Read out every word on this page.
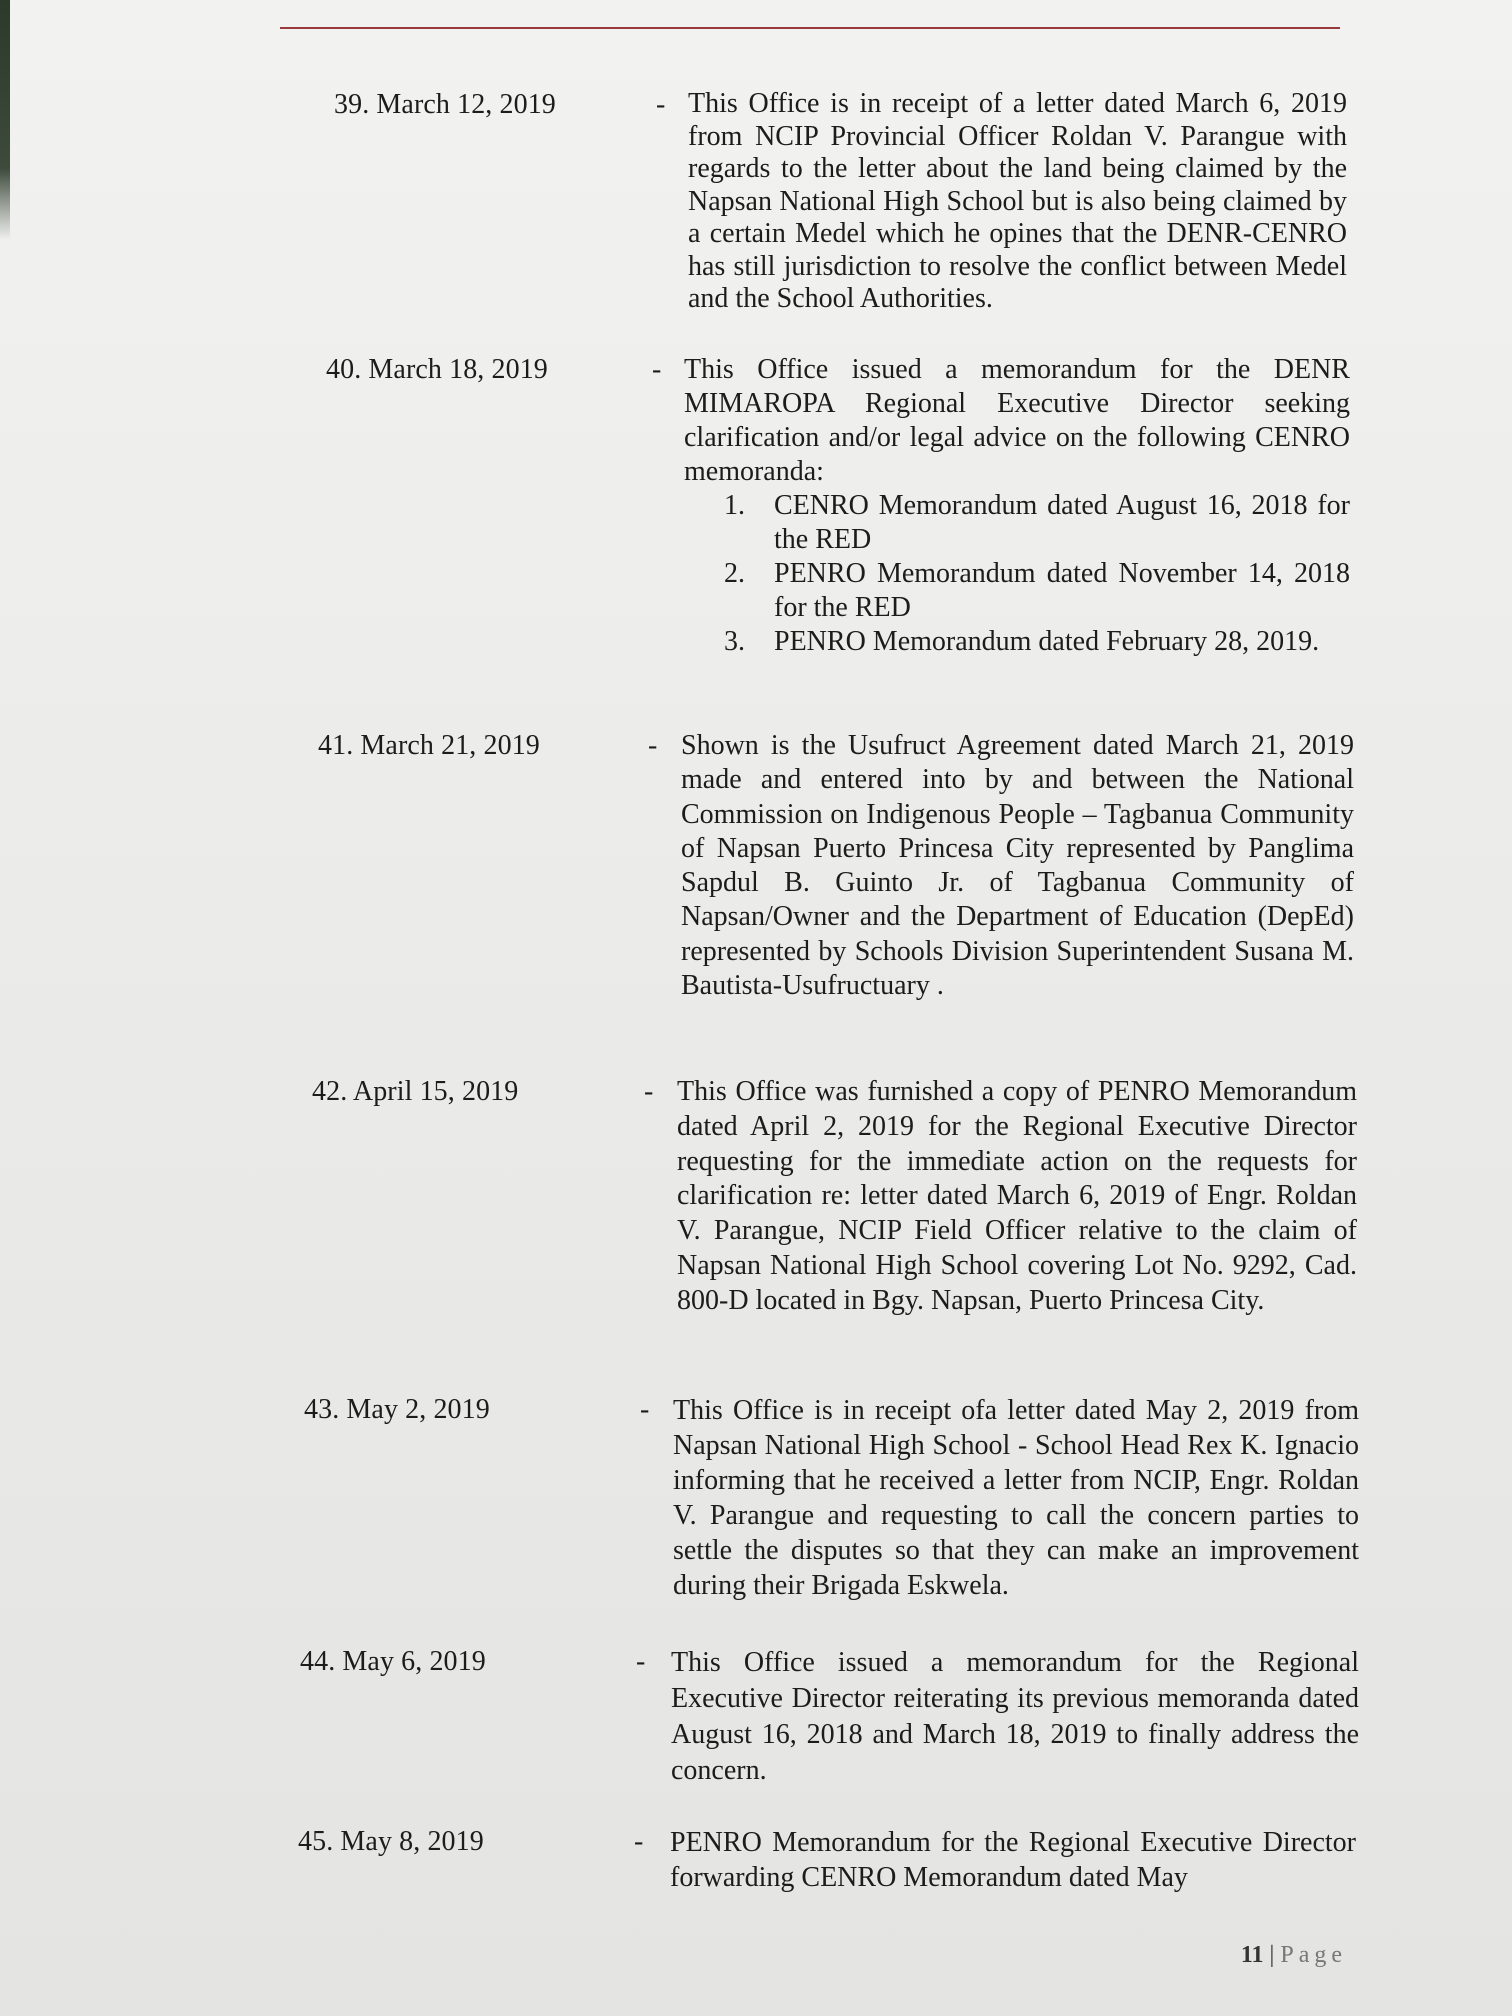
39. March 12, 2019	- This Office is in receipt of a letter dated March 6, 2019 from NCIP Provincial Officer Roldan V. Parangue with regards to the letter about the land being claimed by the Napsan National High School but is also being claimed by a certain Medel which he opines that the DENR-CENRO has still jurisdiction to resolve the conflict between Medel and the School Authorities.

40. March 18, 2019	- This Office issued a memorandum for the DENR MIMAROPA Regional Executive Director seeking clarification and/or legal advice on the following CENRO memoranda:

1. CENRO Memorandum dated August 16, 2018 for the RED
2. PENRO Memorandum dated November 14, 2018 for the RED
3. PENRO Memorandum dated February 28, 2019.
41. March 21, 2019	- Shown is the Usufruct Agreement dated March 21, 2019 made and entered into by and between the National Commission on Indigenous People – Tagbanua Community of Napsan Puerto Princesa City represented by Panglima Sapdul B. Guinto Jr. of Tagbanua Community of Napsan/Owner and the Department of Education (DepEd) represented by Schools Division Superintendent Susana M. Bautista-Usufructuary .

42. April 15, 2019	- This Office was furnished a copy of PENRO Memorandum dated April 2, 2019 for the Regional Executive Director requesting for the immediate action on the requests for clarification re: letter dated March 6, 2019 of Engr. Roldan V. Parangue, NCIP Field Officer relative to the claim of Napsan National High School covering Lot No. 9292, Cad. 800-D located in Bgy. Napsan, Puerto Princesa City.

43. May 2, 2019	- This Office is in receipt ofa letter dated May 2, 2019 from Napsan National High School - School Head Rex K. Ignacio informing that he received a letter from NCIP, Engr. Roldan V. Parangue and requesting to call the concern parties to settle the disputes so that they can make an improvement during their Brigada Eskwela.

44. May 6, 2019	- This Office issued a memorandum for the Regional Executive Director reiterating its previous memoranda dated August 16, 2018 and March 18, 2019 to finally address the concern.

45. May 8, 2019	- PENRO Memorandum for the Regional Executive Director forwarding CENRO Memorandum dated May

11 | Page
